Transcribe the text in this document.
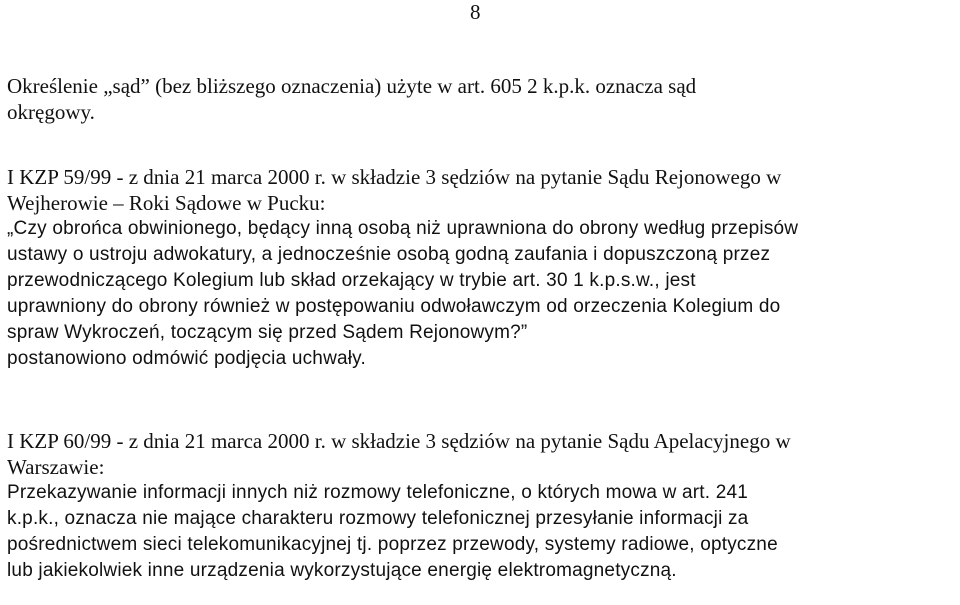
8
Określenie „sąd” (bez bliższego oznaczenia) użyte w art. 605 2 k.p.k. oznacza sąd
okręgowy.
I KZP 59/99 - z dnia 21 marca 2000 r. w składzie 3 sędziów na pytanie Sądu Rejonowego w
Wejherowie – Roki Sądowe w Pucku:
„Czy obrońca obwinionego, będący inną osobą niż uprawniona do obrony według przepisów
ustawy o ustroju adwokatury, a jednocześnie osobą godną zaufania i dopuszczoną przez
przewodniczącego Kolegium lub skład orzekający w trybie art. 30 1 k.p.s.w., jest
uprawniony do obrony również w postępowaniu odwoławczym od orzeczenia Kolegium do
spraw Wykroczeń, toczącym się przed Sądem Rejonowym?”
postanowiono odmówić podjęcia uchwały.
I KZP 60/99 - z dnia 21 marca 2000 r. w składzie 3 sędziów na pytanie Sądu Apelacyjnego w
Warszawie:
Przekazywanie informacji innych niż rozmowy telefoniczne, o których mowa w art. 241
k.p.k., oznacza nie mające charakteru rozmowy telefonicznej przesyłanie informacji za
pośrednictwem sieci telekomunikacyjnej tj. poprzez przewody, systemy radiowe, optyczne
lub jakiekolwiek inne urządzenia wykorzystujące energię elektromagnetyczną.
